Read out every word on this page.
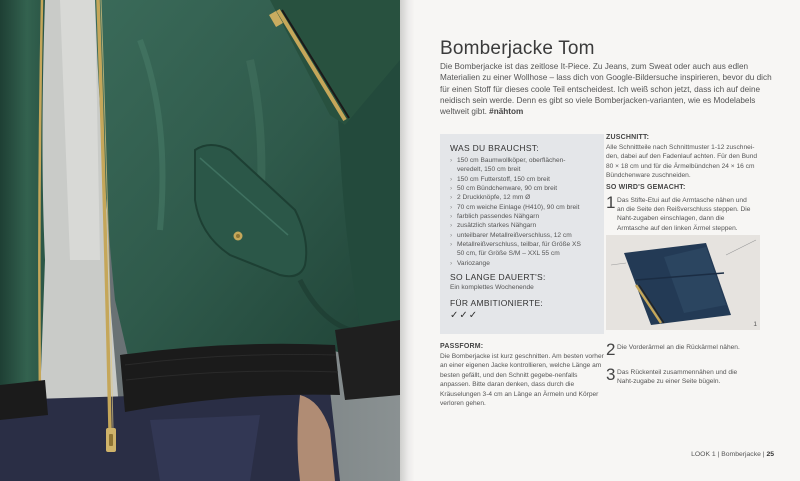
Bomberjacke Tom
Die Bomberjacke ist das zeitlose It-Piece. Zu Jeans, zum Sweat oder auch aus edlen Materialien zu einer Wollhose – lass dich von Google-Bildersuche inspirieren, bevor du dich für einen Stoff für dieses coole Teil entscheidest. Ich weiß schon jetzt, dass ich auf deine neidisch sein werde. Denn es gibt so viele Bomberjacken-varianten, wie es Modelabels weltweit gibt. #nähtom
WAS DU BRAUCHST:
› 150 cm Baumwollköper, oberflächen-
veredelt, 150 cm breit
› 150 cm Futterstoff, 150 cm breit
› 50 cm Bündchenware, 90 cm breit
› 2 Druckknöpfe, 12 mm Ø
› 70 cm weiche Einlage (H410), 90 cm breit
› farblich passendes Nähgarn
› zusätzlich starkes Nähgarn
› unteilbarer Metallreißverschluss, 12 cm
› Metallreißverschluss, teilbar, für Größe XS
50 cm, für Größe S/M – XXL 55 cm
› Variozange
SO LANGE DAUERT'S:
Ein komplettes Wochenende
FÜR AMBITIONIERTE:
✓✓✓
PASSFORM:
Die Bomberjacke ist kurz geschnitten. Am besten vorher an einer eigenen Jacke kontrollieren, welche Länge am besten gefällt, und den Schnitt gegebe-nenfalls anpassen. Bitte daran denken, dass durch die Kräuselungen 3-4 cm an Länge an Ärmeln und Körper verloren gehen.
ZUSCHNITT:
Alle Schnittteile nach Schnittmuster 1-12 zuschnei-den, dabei auf den Fadenlauf achten. Für den Bund 80 × 18 cm und für die Ärmelbündchen 24 × 16 cm Bündchenware zuschneiden.
SO WIRD'S GEMACHT:
1 Das Stifte-Etui auf die Armtasche nähen und an die Seite den Reißverschluss steppen. Die Naht-zugaben einschlagen, dann die Armtasche auf den linken Ärmel steppen.
1
2 Die Vorderärmel an die Rückärmel nähen.
3 Das Rückenteil zusammennähen und die Naht-zugabe zu einer Seite bügeln.
LOOK 1 | Bomberjacke | 25
